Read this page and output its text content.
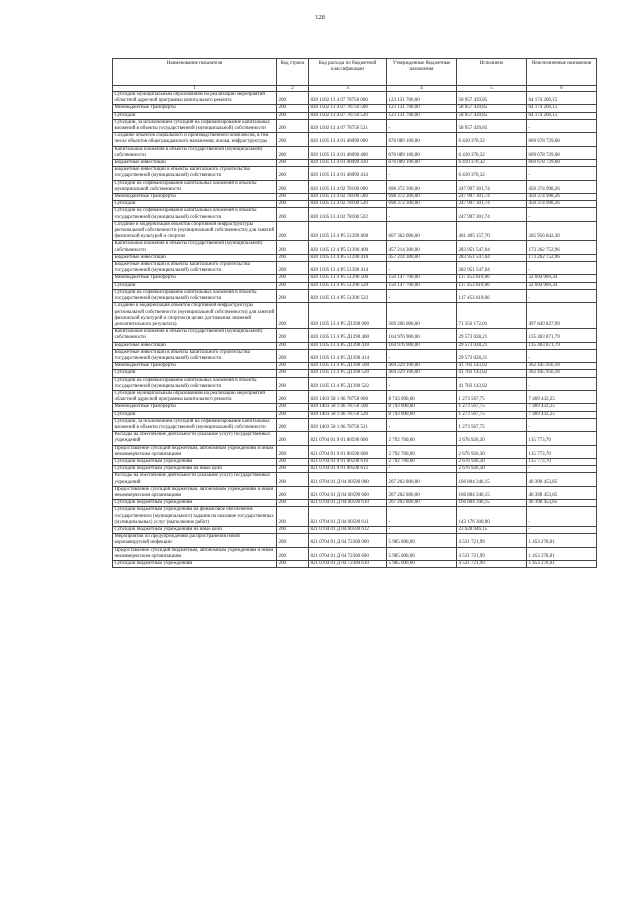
128
Наименование показателя	Код строки	Код расхода по бюджетной классификации	Утвержденные бюджетные назначения	Исполнено	Неисполненные назначения
1	2	3	4	5	6
Субсидии муниципальным образованиям на реализацию мероприятий областной адресной программы капитального ремонта	200	820 1102 13 4 07 78750 000	123 131 700,00	58 957 439,85	64 174 260,15
Межбюджетные трансферты	200	820 1102 13 4 07 78750 500	123 131 700,00	58 957 439,85	64 174 260,15
Субсидии	200	820 1102 13 4 07 78750 520	123 131 700,00	58 957 439,85	64 174 260,15
Субсидии, за исключением субсидий на софинансирование капитальных вложений в объекты государственной (муниципальной) собственности	200	820 1102 13 4 07 78750 521	-	58 957 439,85	-
Создание объектов социального и производственного комплексов, в том числе объектов общегражданского назначения, жилья, инфраструктуры	200	820 1105 13 4 01 40090 000	676 089 100,00	6 410 370,32	669 678 729,68
Капитальные вложения в объекты государственной (муниципальной) собственности	200	820 1105 13 4 01 40090 400	676 089 100,00	6 410 370,32	669 678 729,68
Бюджетные инвестиции	200	820 1105 13 4 01 40090 410	676 089 100,00	6 410 370,32	669 678 729,68
Бюджетные инвестиции в объекты капитального строительства государственной (муниципальной) собственности	200	820 1105 13 4 01 40090 414	-	6 410 370,32	-
Субсидии на софинансирование капитальных вложений в объекты муниципальной собственности	200	820 1105 13 4 02 78100 000	698 372 300,00	247 997 301,74	450 374 998,26
Межбюджетные трансферты	200	820 1105 13 4 02 78100 500	698 372 300,00	247 997 301,74	450 374 998,26
Субсидии	200	820 1105 13 4 02 78100 520	698 372 300,00	247 997 301,74	450 374 998,26
Субсидии на софинансирование капитальных вложений в объекты государственной (муниципальной) собственности	200	820 1105 13 4 02 78100 522	-	247 997 301,74	-
Создание и модернизация объектов спортивной инфраструктуры региональной собственности (муниципальной собственности) для занятий физической культурой и спортом	200	820 1105 13 4 P5 51390 000	607 362 000,00	401 405 157,70	205 956 842,30
Капитальные вложения в объекты государственной (муниципальной) собственности	200	820 1105 13 4 P5 51390 400	457 214 300,00	283 951 547,04	173 262 752,96
Бюджетные инвестиции	200	820 1105 13 4 P5 51390 410	457 214 300,00	283 951 547,04	173 262 752,96
Бюджетные инвестиции в объекты капитального строительства государственной (муниципальной) собственности	200	820 1105 13 4 P5 51390 414	-	283 951 547,04	-
Межбюджетные трансферты	200	820 1105 13 4 P5 51390 500	150 147 700,00	117 453 610,66	32 694 089,34
Субсидии	200	820 1105 13 4 P5 51390 520	150 147 700,00	117 453 610,66	32 694 089,34
Субсидии на софинансирование капитальных вложений в объекты государственной (муниципальной) собственности	200	820 1105 13 4 P5 51390 522	-	117 453 610,66	-
Создание и модернизация объектов спортивной инфраструктуры региональной собственности (муниципальной собственности) для занятий физической культурой и спортом (в целях достижения значений дополнительного результата)	200	820 1105 13 4 P5 Д1390 000	569 206 000,00	71 356 172,01	497 849 827,99
Капитальные вложения в объекты государственной (муниципальной) собственности	200	820 1105 13 4 P5 Д1390 400	164 976 900,00	29 573 028,21	135 403 871,79
Бюджетные инвестиции	200	820 1105 13 4 P5 Д1390 410	164 976 900,00	29 573 028,21	135 403 871,79
Бюджетные инвестиции в объекты капитального строительства государственной (муниципальной) собственности	200	820 1105 13 4 P5 Д1390 414	-	29 573 028,21	-
Межбюджетные трансферты	200	820 1105 13 4 P5 Д1390 500	404 229 100,00	41 783 143,82	362 445 956,18
Субсидии	200	820 1105 13 4 P5 Д1390 520	404 229 100,00	41 783 143,82	362 445 956,18
Субсидии на софинансирование капитальных вложений в объекты государственной (муниципальной) собственности	200	820 1105 13 4 P5 Д1390 522	-	41 783 143,82	-
Субсидии муниципальным образованиям на реализацию мероприятий областной адресной программы капитального ремонта	200	820 1403 58 1 06 78750 000	8 743 000,00	1 273 567,75	7 469 432,25
Межбюджетные трансферты	200	820 1403 58 1 06 78750 500	8 743 000,00	1 273 567,75	7 469 432,25
Субсидии	200	820 1403 58 1 06 78750 520	8 743 000,00	1 273 567,75	7 469 432,25
Субсидии, за исключением субсидий на софинансирование капитальных вложений в объекты государственной (муниципальной) собственности	200	820 1403 58 1 06 78750 521	-	1 273 567,75	-
Расходы на обеспечение деятельности (оказание услуг) государственных учреждений	200	821 0704 01 9 01 00590 000	2 792 700,00	2 676 926,30	115 773,70
Предоставление субсидий бюджетным, автономным учреждениям и иным некоммерческим организациям	200	821 0704 01 9 01 00590 600	2 792 700,00	2 676 926,30	115 773,70
Субсидии бюджетным учреждениям	200	821 0704 01 9 01 00590 610	2 792 700,00	2 676 926,30	115 773,70
Субсидии бюджетным учреждениям на иные цели	200	821 0704 01 9 01 00590 612	-	2 676 926,30	-
Расходы на обеспечение деятельности (оказание услуг) государственных учреждений	200	821 0704 01 Д 04 00590 000	207 202 800,00	166 804 346,15	40 398 453,85
Предоставление субсидий бюджетным, автономным учреждениям и иным некоммерческим организациям	200	821 0704 01 Д 04 00590 600	207 202 800,00	166 804 346,15	40 398 453,85
Субсидии бюджетным учреждениям	200	821 0704 01 Д 04 00590 610	207 202 800,00	166 804 346,15	40 398 453,85
Субсидии бюджетным учреждениям на финансовое обеспечение государственного (муниципального) задания на оказание государственных (муниципальных) услуг (выполнение работ)	200	821 0704 01 Д 04 00590 611	-	143 176 300,00	-
Субсидии бюджетным учреждениям на иные цели	200	821 0704 01 Д 04 00590 612	-	23 628 046,15	-
Мероприятия по предупреждению распространения новой коронавирусной инфекции	200	821 0704 01 Д 04 72300 000	5 985 000,00	4 531 721,99	1 453 278,01
Предоставление субсидий бюджетным, автономным учреждениям и иным некоммерческим организациям	200	821 0704 01 Д 04 72300 600	5 985 000,00	4 531 721,99	1 453 278,01
Субсидии бюджетным учреждениям	200	821 0704 01 Д 04 72300 610	5 985 000,00	4 531 721,99	1 453 278,01
